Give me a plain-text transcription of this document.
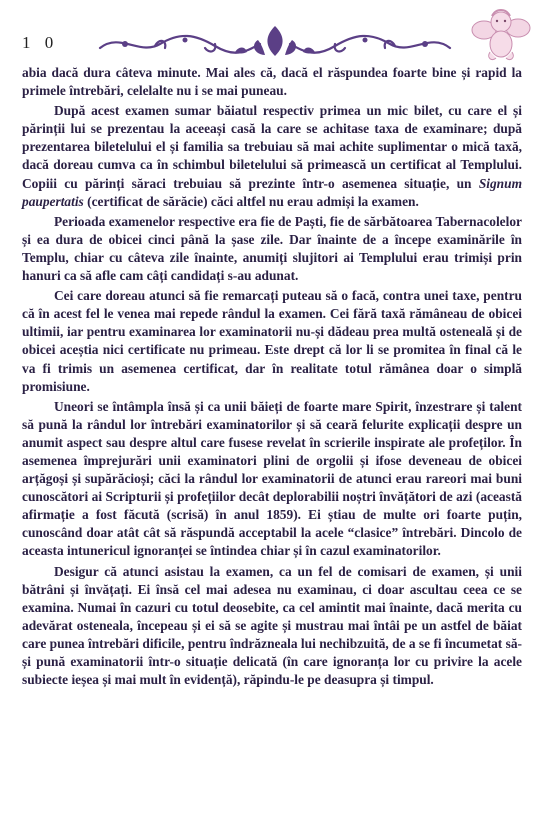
1 0

abia dacă dura câteva minute. Mai ales că, dacă el răspundea foarte bine și rapid la primele întrebări, celelalte nu i se mai puneau.

După acest examen sumar băiatul respectiv primea un mic bilet, cu care el și părinții lui se prezentau la aceeași casă la care se achitase taxa de examinare; după prezentarea biletelului el și familia sa trebuiau să mai achite suplimentar o mică taxă, dacă doreau cumva ca în schimbul biletelului să primească un certificat al Templului. Copiii cu părinți săraci trebuiau să prezinte într-o asemenea situație, un Signum paupertatis (certificat de sărăcie) căci altfel nu erau admiși la examen.

Perioada examenelor respective era fie de Paști, fie de sărbătoarea Tabernacolelor și ea dura de obicei cinci până la șase zile. Dar înainte de a începe examinările în Templu, chiar cu câteva zile înainte, anumiți slujitori ai Templului erau trimiși prin hanuri ca să afle cam câți candidați s-au adunat.

Cei care doreau atunci să fie remarcați puteau să o facă, contra unei taxe, pentru că în acest fel le venea mai repede rândul la examen. Cei fără taxă rămâneau de obicei ultimii, iar pentru examinarea lor examinatorii nu-și dădeau prea multă osteneală și de obicei aceștia nici certificate nu primeau. Este drept că lor li se promitea în final că le va fi trimis un asemenea certificat, dar în realitate totul rămânea doar o simplă promisiune.

Uneori se întâmpla însă și ca unii băieți de foarte mare Spirit, înzestrare și talent să pună la rândul lor întrebări examinatorilor și să ceară felurite explicații despre un anumit aspect sau despre altul care fusese revelat în scrierile inspirate ale profeților. În asemenea împrejurări unii examinatori plini de orgolii și ifose deveneau de obicei arțăgoși și supărăcioși; căci la rândul lor examinatorii de atunci erau rareori mai buni cunoscători ai Scripturii și profețiilor decât deplorabilii noștri învățători de azi (această afirmație a fost făcută (scrisă) în anul 1859). Ei știau de multe ori foarte puțin, cunoscând doar atât cât să răspundă acceptabil la acele “clasice” întrebări. Dincolo de aceasta intunericul ignoranței se întindea chiar și în cazul examinatorilor.

Desigur că atunci asistau la examen, ca un fel de comisari de examen, și unii bătrâni și învățați. Ei însă cel mai adesea nu examinau, ci doar ascultau ceea ce se examina. Numai în cazuri cu totul deosebite, ca cel amintit mai înainte, dacă merita cu adevărat osteneala, începeau și ei să se agite și mustrau mai întâi pe un astfel de băiat care punea întrebări dificile, pentru îndrăzneala lui nechibzuită, de a se fi încumetat să-și pună examinatorii într-o situație delicată (în care ignoranța lor cu privire la acele subiecte ieșea și mai mult în evidență), răpindu-le pe deasupra și timpul.
